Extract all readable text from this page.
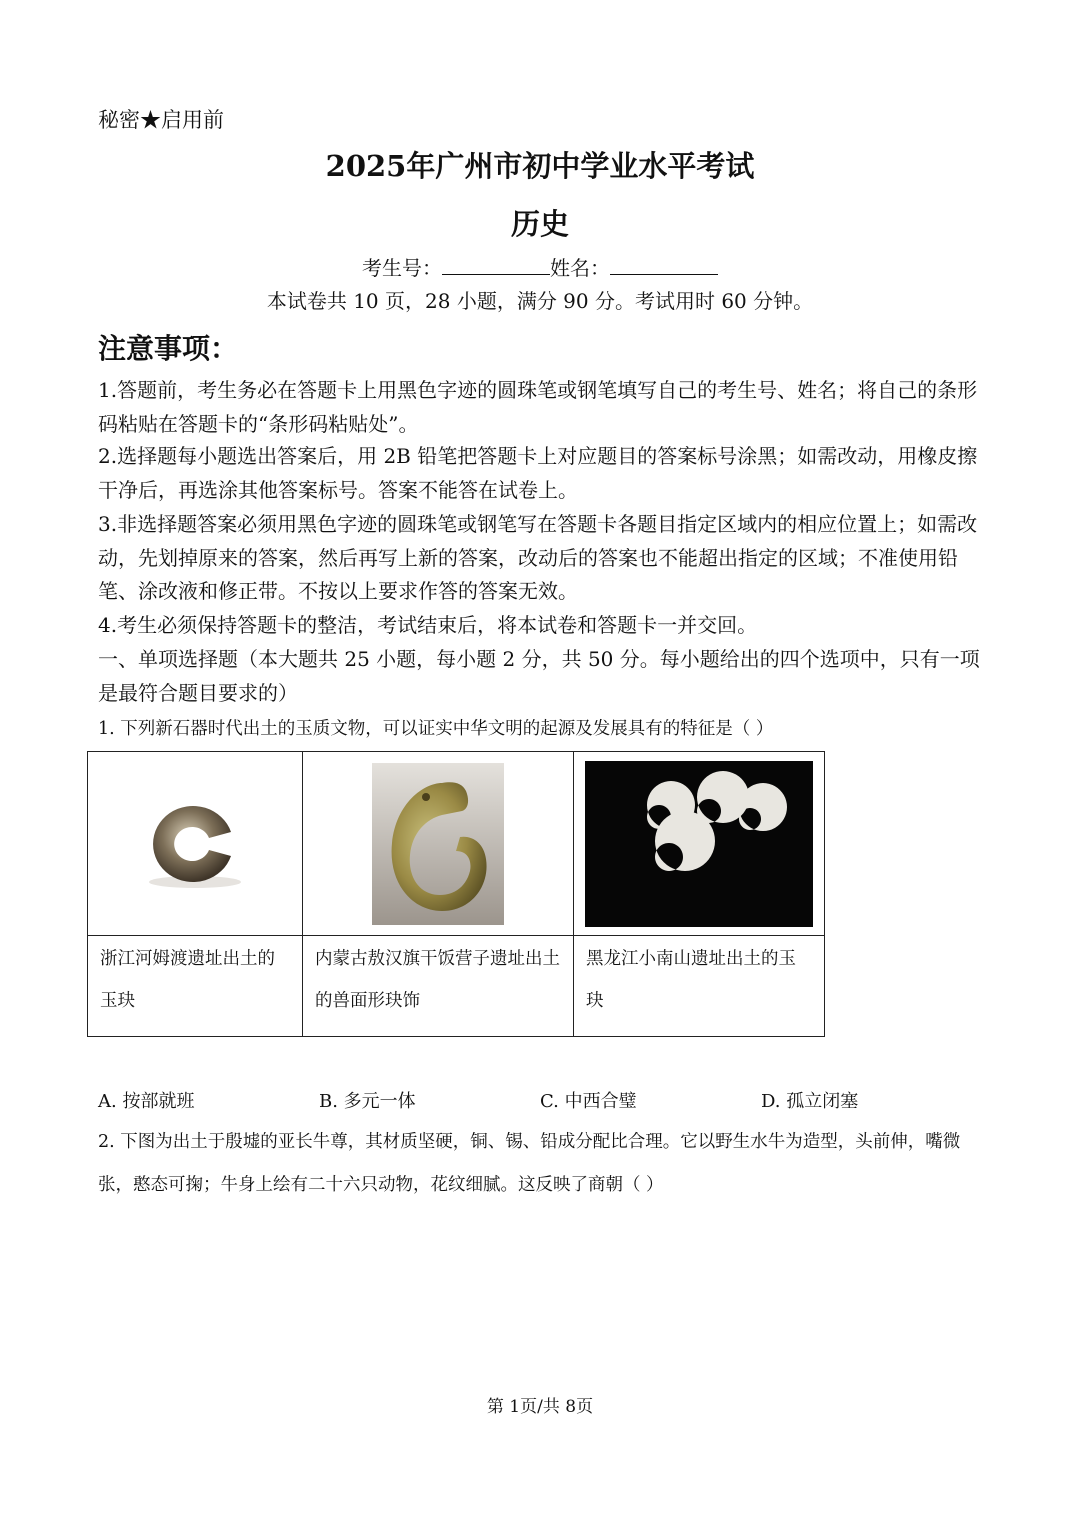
秘密★启用前
2025年广州市初中学业水平考试
历史
考生号：	姓名：
本试卷共 10 页，28 小题，满分 90 分。考试用时 60 分钟。
注意事项：
1.答题前，考生务必在答题卡上用黑色字迹的圆珠笔或钢笔填写自己的考生号、姓名；将自己的条形码粘贴在答题卡的“条形码粘贴处”。
2.选择题每小题选出答案后，用 2B 铅笔把答题卡上对应题目的答案标号涂黑；如需改动，用橡皮擦干净后，再选涂其他答案标号。答案不能答在试卷上。
3.非选择题答案必须用黑色字迹的圆珠笔或钢笔写在答题卡各题目指定区域内的相应位置上；如需改动，先划掉原来的答案，然后再写上新的答案，改动后的答案也不能超出指定的区域；不准使用铅笔、涂改液和修正带。不按以上要求作答的答案无效。
4.考生必须保持答题卡的整洁，考试结束后，将本试卷和答题卡一并交回。
一、单项选择题（本大题共 25 小题，每小题 2 分，共 50 分。每小题给出的四个选项中，只有一项是最符合题目要求的）
1. 下列新石器时代出土的玉质文物，可以证实中华文明的起源及发展具有的特征是（ ）

浙江河姆渡遗址出土的玉玦	内蒙古敖汉旗干饭营子遗址出土的兽面形玦饰	黑龙江小南山遗址出土的玉玦
A. 按部就班	B. 多元一体	C. 中西合璧	D. 孤立闭塞
2. 下图为出土于殷墟的亚长牛尊，其材质坚硬，铜、锡、铅成分配比合理。它以野生水牛为造型，头前伸，嘴微张，憨态可掬；牛身上绘有二十六只动物，花纹细腻。这反映了商朝（ ）
第 1页/共 8页
